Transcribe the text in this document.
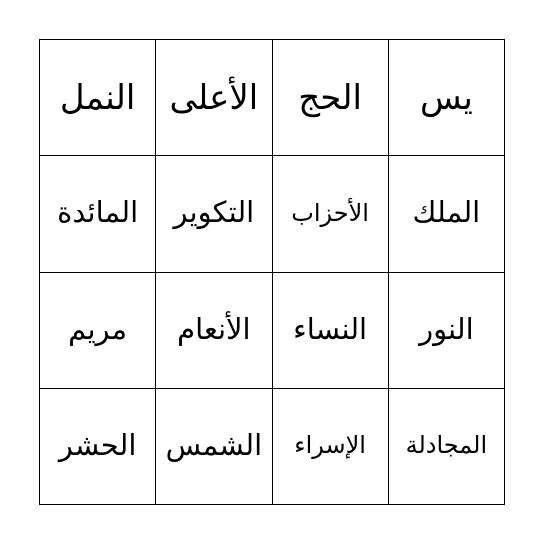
النمل	الأعلى	الحج	يس
المائدة	التكوير	الأحزاب	الملك
مريم	الأنعام	النساء	النور
الحشر	الشمس	الإسراء	المجادلة
